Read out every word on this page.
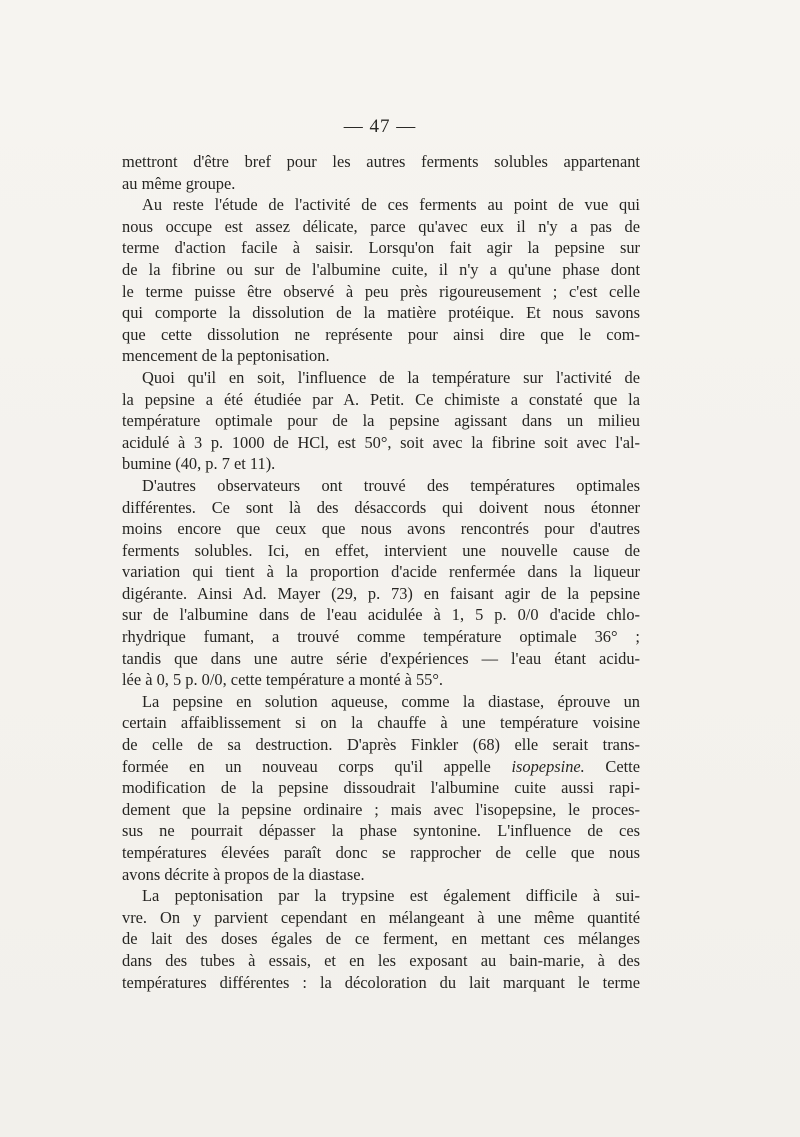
— 47 —
mettront d'être bref pour les autres ferments solubles appartenant
au même groupe.
Au reste l'étude de l'activité de ces ferments au point de vue qui
nous occupe est assez délicate, parce qu'avec eux il n'y a pas de
terme d'action facile à saisir. Lorsqu'on fait agir la pepsine sur
de la fibrine ou sur de l'albumine cuite, il n'y a qu'une phase dont
le terme puisse être observé à peu près rigoureusement ; c'est celle
qui comporte la dissolution de la matière protéique. Et nous savons
que cette dissolution ne représente pour ainsi dire que le com-
mencement de la peptonisation.
Quoi qu'il en soit, l'influence de la température sur l'activité de
la pepsine a été étudiée par A. Petit. Ce chimiste a constaté que la
température optimale pour de la pepsine agissant dans un milieu
acidulé à 3 p. 1000 de HCl, est 50°, soit avec la fibrine soit avec l'al-
bumine (40, p. 7 et 11).
D'autres observateurs ont trouvé des températures optimales
différentes. Ce sont là des désaccords qui doivent nous étonner
moins encore que ceux que nous avons rencontrés pour d'autres
ferments solubles. Ici, en effet, intervient une nouvelle cause de
variation qui tient à la proportion d'acide renfermée dans la liqueur
digérante. Ainsi Ad. Mayer (29, p. 73) en faisant agir de la pepsine
sur de l'albumine dans de l'eau acidulée à 1, 5 p. 0/0 d'acide chlo-
rhydrique fumant, a trouvé comme température optimale 36° ;
tandis que dans une autre série d'expériences — l'eau étant acidu-
lée à 0, 5 p. 0/0, cette température a monté à 55°.
La pepsine en solution aqueuse, comme la diastase, éprouve un
certain affaiblissement si on la chauffe à une température voisine
de celle de sa destruction. D'après Finkler (68) elle serait trans-
formée en un nouveau corps qu'il appelle isopepsine. Cette
modification de la pepsine dissoudrait l'albumine cuite aussi rapi-
dement que la pepsine ordinaire ; mais avec l'isopepsine, le proces-
sus ne pourrait dépasser la phase syntonine. L'influence de ces
températures élevées paraît donc se rapprocher de celle que nous
avons décrite à propos de la diastase.
La peptonisation par la trypsine est également difficile à sui-
vre. On y parvient cependant en mélangeant à une même quantité
de lait des doses égales de ce ferment, en mettant ces mélanges
dans des tubes à essais, et en les exposant au bain-marie, à des
températures différentes : la décoloration du lait marquant le terme
